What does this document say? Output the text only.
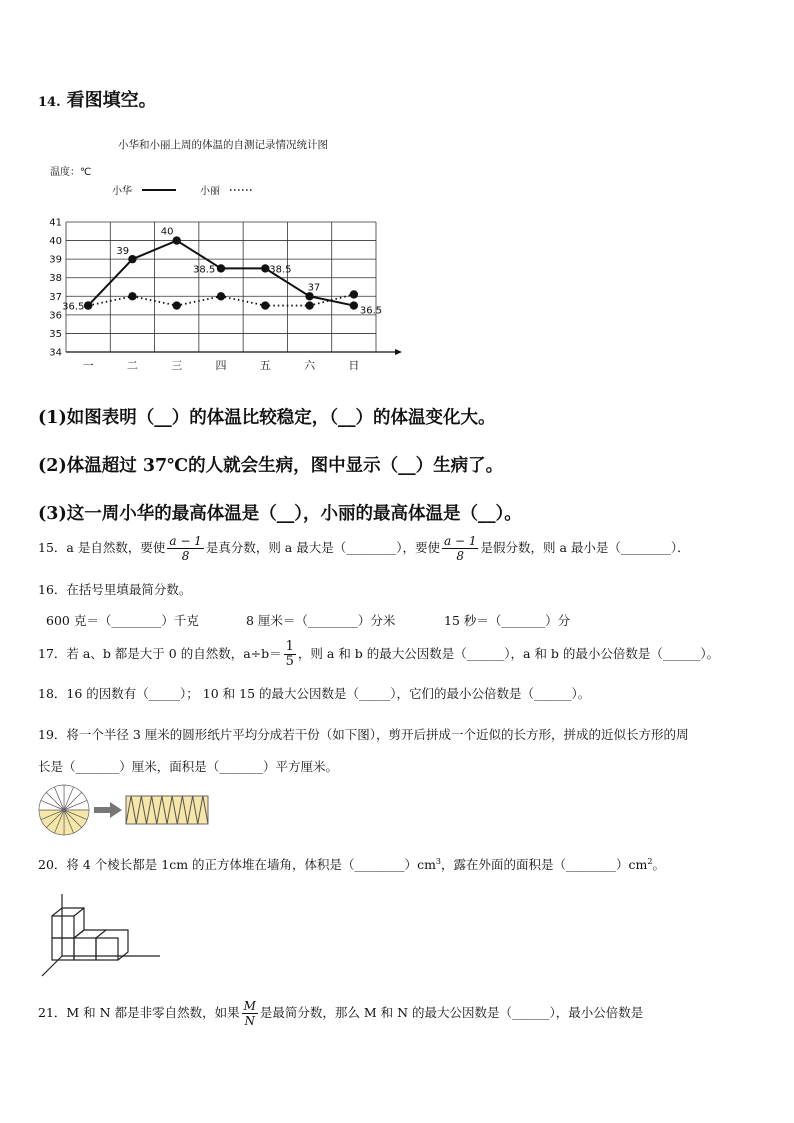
14. 看图填空。
小华和小丽上周的体温的自测记录情况统计图
温度：℃
小华	小丽
34
35
36
37
38
39
40
41
一	二	三	四	五	六	日
36.5
39
40
38.5	38.5
37
36.5
(1)如图表明（__）的体温比较稳定，（__）的体温变化大。
(2)体温超过 37℃的人就会生病，图中显示（__）生病了。
(3)这一周小华的最高体温是（__），小丽的最高体温是（__）。
15．a 是自然数，要使 $\frac{a - 1}{8}$ 是真分数，则 a 最大是（________），要使 $\frac{a - 1}{8}$ 是假分数，则 a 最小是（________）．
16．在括号里填最简分数。
600 克＝（________）千克	8 厘米＝（________）分米	15 秒＝（_______）分
17．若 a、b 都是大于 0 的自然数，$a\div b= \frac{1}{5}$ ，则 a 和 b 的最大公因数是（______），a 和 b 的最小公倍数是（______）。
18．16 的因数有（_____）； 10 和 15 的最大公因数是（_____），它们的最小公倍数是（______）。
19．将一个半径 3 厘米的圆形纸片平均分成若干份（如下图），剪开后拼成一个近似的长方形，拼成的近似长方形的周
长是（_______）厘米，面积是（_______）平方厘米。
20．将 4 个棱长都是 1cm 的正方体堆在墙角，体积是$(\_\_\_\_\_\_\_\_)cm^3$，露在外面的面积是$(\_\_\_\_\_\_\_\_)cm^2$。
21．M 和 N 都是非零自然数，如果 $\frac{M}{N}$ 是最简分数，那么 M 和 N 的最大公因数是（______），最小公倍数是
